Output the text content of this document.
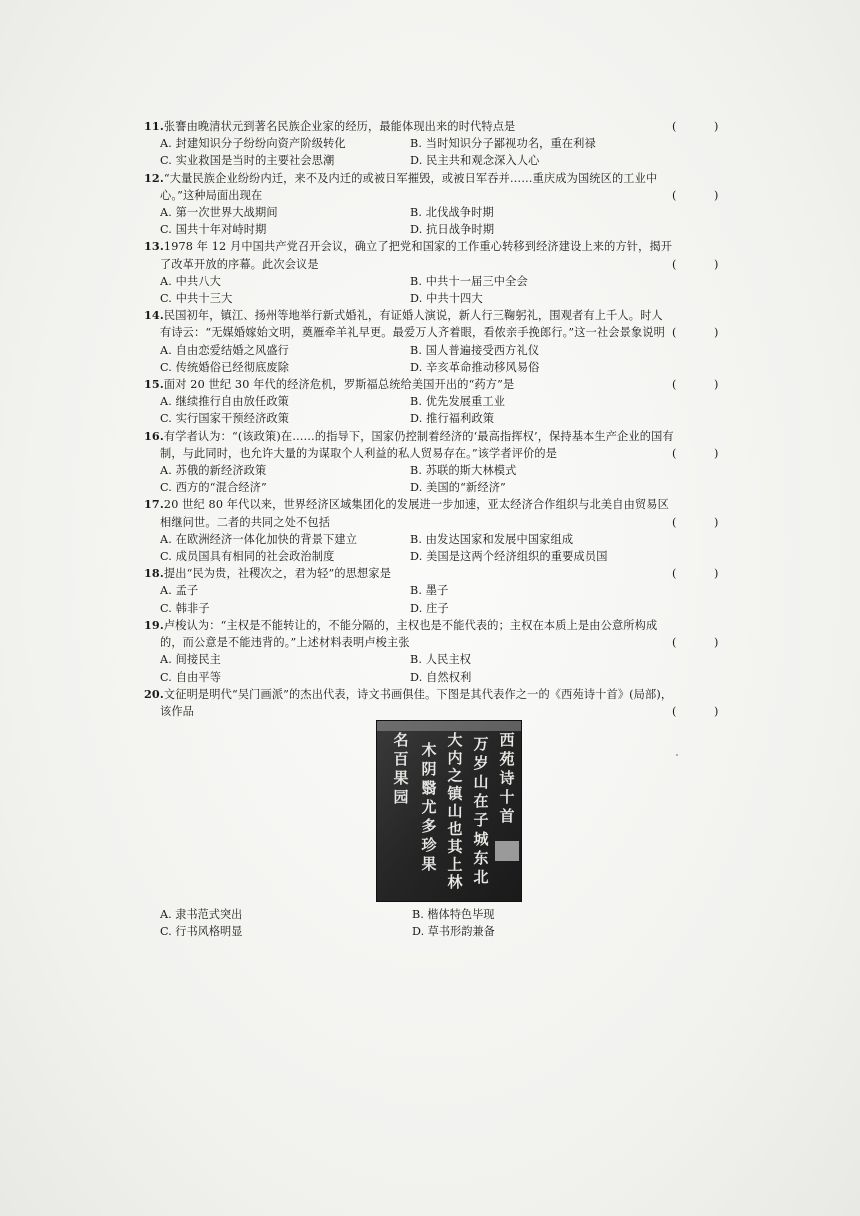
11.张謇由晚清状元到著名民族企业家的经历，最能体现出来的时代特点是	(	)
A. 封建知识分子纷纷向资产阶级转化	B. 当时知识分子鄙视功名，重在利禄
C. 实业救国是当时的主要社会思潮	D. 民主共和观念深入人心
12.“大量民族企业纷纷内迁，来不及内迁的或被日军摧毁，或被日军吞并……重庆成为国统区的工业中心。”这种局面出现在	(	)
A. 第一次世界大战期间	B. 北伐战争时期
C. 国共十年对峙时期	D. 抗日战争时期
13.1978 年 12 月中国共产党召开会议，确立了把党和国家的工作重心转移到经济建设上来的方针，揭开了改革开放的序幕。此次会议是	(	)
A. 中共八大	B. 中共十一届三中全会
C. 中共十三大	D. 中共十四大
14.民国初年，镇江、扬州等地举行新式婚礼，有证婚人演说，新人行三鞠躬礼，围观者有上千人。时人有诗云：“无媒婚嫁始文明，奠雁牵羊礼早更。最爱万人齐着眼，看侬亲手挽郎行。”这一社会景象说明 (	)
A. 自由恋爱结婚之风盛行	B. 国人普遍接受西方礼仪
C. 传统婚俗已经彻底废除	D. 辛亥革命推动移风易俗
15.面对 20 世纪 30 年代的经济危机，罗斯福总统给美国开出的“药方”是	(	)
A. 继续推行自由放任政策	B. 优先发展重工业
C. 实行国家干预经济政策	D. 推行福利政策
16.有学者认为：“(该政策)在……的指导下，国家仍控制着经济的‘最高指挥权’，保持基本生产企业的国有制，与此同时，也允许大量的为谋取个人利益的私人贸易存在。”该学者评价的是	(	)
A. 苏俄的新经济政策	B. 苏联的斯大林模式
C. 西方的“混合经济”	D. 美国的“新经济”
17.20 世纪 80 年代以来，世界经济区域集团化的发展进一步加速，亚太经济合作组织与北美自由贸易区相继问世。二者的共同之处不包括	(	)
A. 在欧洲经济一体化加快的背景下建立	B. 由发达国家和发展中国家组成
C. 成员国具有相同的社会政治制度	D. 美国是这两个经济组织的重要成员国
18.提出“民为贵，社稷次之，君为轻”的思想家是	(	)
A. 孟子	B. 墨子
C. 韩非子	D. 庄子
19.卢梭认为：“主权是不能转让的，不能分隔的，主权也是不能代表的；主权在本质上是由公意所构成的，而公意是不能违背的。”上述材料表明卢梭主张	(	)
A. 间接民主	B. 人民主权
C. 自由平等	D. 自然权利
20.文征明是明代“吴门画派”的杰出代表，诗文书画俱佳。下图是其代表作之一的《西苑诗十首》(局部)，该作品	(	)
西
苑
诗
十
首
万
岁
山
在
子
城
东
北
大
内
之
镇
山
也
其
上
林
木
阴
翳
尤
多
珍
果
名
百
果
园
A. 隶书范式突出	B. 楷体特色毕现
C. 行书风格明显	D. 草书形韵兼备
